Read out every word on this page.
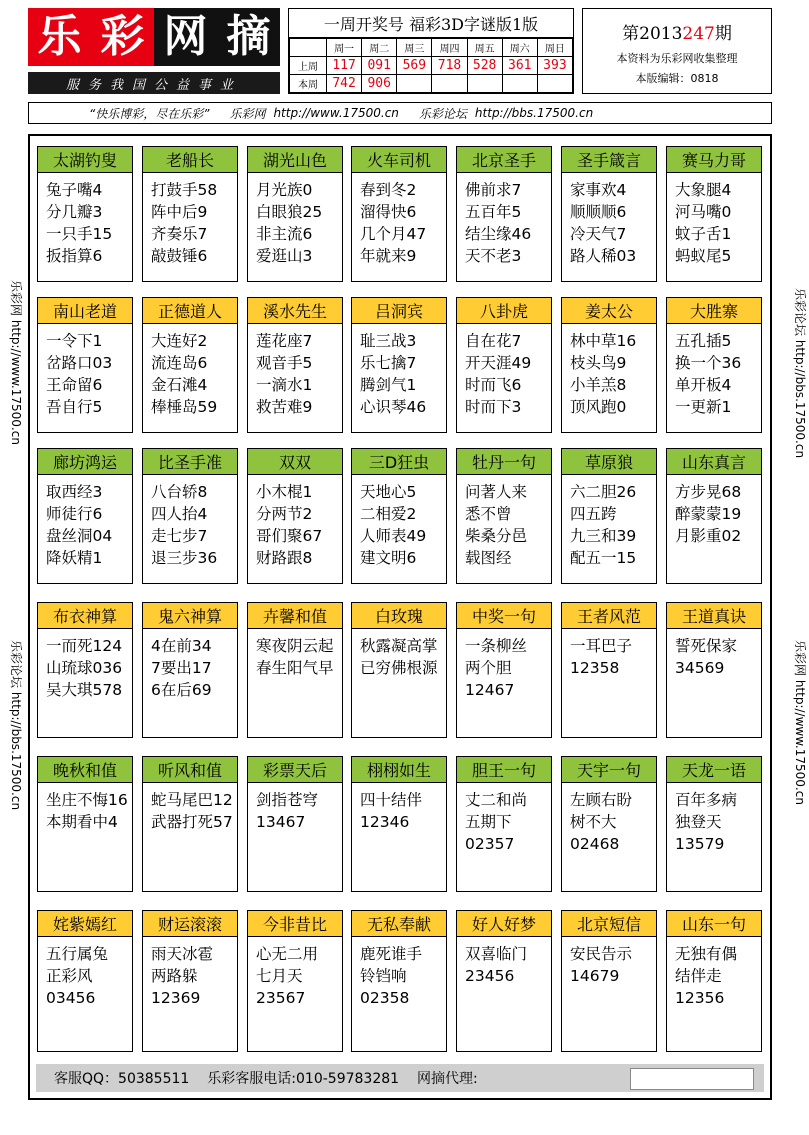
乐 彩 网 摘
服务我国公益事业
一周开奖号 福彩3D字谜版1版
	周一	周二	周三	周四	周五	周六	周日
上周	117	091	569	718	528	361	393
本周	742	906					
第2013247期
本资料为乐彩网收集整理
本版编辑：0818
“快乐博彩，尽在乐彩” 乐彩网 http://www.17500.cn 乐彩论坛 http://bbs.17500.cn
乐彩网 http://www.17500.cn
乐彩论坛 http://bbs.17500.cn
乐彩论坛 http://bbs.17500.cn
乐彩网 http://www.17500.cn
太湖钓叟
兔子嘴4
分几瓣3
一只手15
扳指算6
老船长
打鼓手58
阵中后9
齐奏乐7
敲鼓锤6
湖光山色
月光族0
白眼狼25
非主流6
爱逛山3
火车司机
春到冬2
溜得快6
几个月47
年就来9
北京圣手
佛前求7
五百年5
结尘缘46
天不老3
圣手箴言
家事欢4
顺顺顺6
冷天气7
路人稀03
赛马力哥
大象腿4
河马嘴0
蚊子舌1
蚂蚁尾5
南山老道
一令下1
岔路口03
王命留6
吾自行5
正德道人
大连好2
流连岛6
金石滩4
棒棰岛59
溪水先生
莲花座7
观音手5
一滴水1
救苦难9
吕洞宾
耻三战3
乐七擒7
腾剑气1
心识琴46
八卦虎
自在花7
开天涯49
时而飞6
时而下3
姜太公
林中草16
枝头鸟9
小羊羔8
顶风跑0
大胜寨
五孔插5
换一个36
单开板4
一更新1
廊坊鸿运
取西经3
师徒行6
盘丝洞04
降妖精1
比圣手准
八台轿8
四人抬4
走七步7
退三步36
双双
小木棍1
分两节2
哥们聚67
财路跟8
三D狂虫
天地心5
二相爱2
人师表49
建文明6
牡丹一句
问著人来
悉不曾
柴桑分邑
载图经
草原狼
六二胆26
四五跨
九三和39
配五一15
山东真言
方步晃68
醉蒙蒙19
月影重02
布衣神算
一而死124
山琉球036
吴大琪578
鬼六神算
4在前34
7要出17
6在后69
卉馨和值
寒夜阴云起
春生阳气早
白玫瑰
秋露凝高掌
已穷佛根源
中奖一句
一条柳丝
两个胆
12467
王者风范
一耳巴子
12358
王道真诀
誓死保家
34569
晚秋和值
坐庄不悔16
本期看中4
听风和值
蛇马尾巴12
武器打死57
彩票天后
剑指苍穹
13467
栩栩如生
四十结伴
12346
胆王一句
丈二和尚
五期下
02357
天宇一句
左顾右盼
树不大
02468
天龙一语
百年多病
独登天
13579
姹紫嫣红
五行属兔
正彩风
03456
财运滚滚
雨天冰雹
两路躲
12369
今非昔比
心无二用
七月天
23567
无私奉献
鹿死谁手
铃铛响
02358
好人好梦
双喜临门
23456
北京短信
安民告示
14679
山东一句
无独有偶
结伴走
12356
客服QQ：50385511 乐彩客服电话:010-59783281 网摘代理:
